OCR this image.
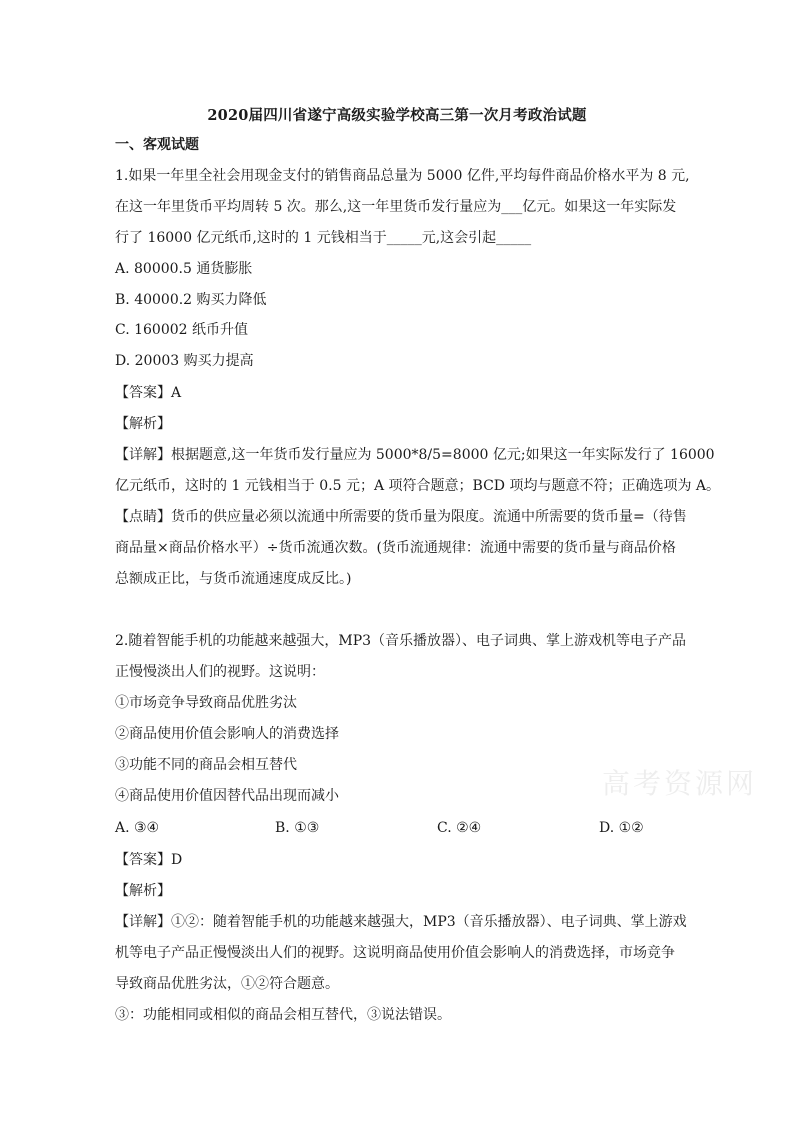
2020届四川省遂宁高级实验学校高三第一次月考政治试题
一、客观试题
1.如果一年里全社会用现金支付的销售商品总量为 5000 亿件,平均每件商品价格水平为 8 元,
在这一年里货币平均周转 5 次。那么,这一年里货币发行量应为___亿元。如果这一年实际发
行了 16000 亿元纸币,这时的 1 元钱相当于_____元,这会引起_____
A. 80000.5 通货膨胀
B. 40000.2 购买力降低
C. 160002 纸币升值
D. 20003 购买力提高
【答案】A
【解析】
【详解】根据题意,这一年货币发行量应为 5000*8/5=8000 亿元;如果这一年实际发行了 16000
亿元纸币，这时的 1 元钱相当于 0.5 元；A 项符合题意；BCD 项均与题意不符；正确选项为 A。
【点睛】货币的供应量必须以流通中所需要的货币量为限度。流通中所需要的货币量=（待售
商品量×商品价格水平）÷货币流通次数。(货币流通规律：流通中需要的货币量与商品价格
总额成正比，与货币流通速度成反比。)
2.随着智能手机的功能越来越强大，MP3（音乐播放器）、电子词典、掌上游戏机等电子产品
正慢慢淡出人们的视野。这说明：
①市场竞争导致商品优胜劣汰
②商品使用价值会影响人的消费选择
③功能不同的商品会相互替代
④商品使用价值因替代品出现而减小
A. ③④	B. ①③	C. ②④	D. ①②
【答案】D
【解析】
【详解】①②：随着智能手机的功能越来越强大，MP3（音乐播放器）、电子词典、掌上游戏
机等电子产品正慢慢淡出人们的视野。这说明商品使用价值会影响人的消费选择，市场竞争
导致商品优胜劣汰，①②符合题意。
③：功能相同或相似的商品会相互替代，③说法错误。
高考资源网
